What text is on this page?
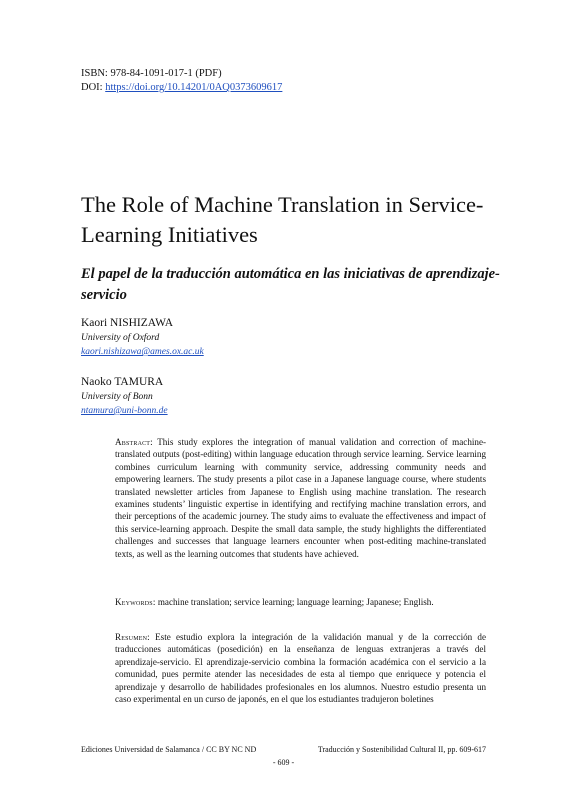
ISBN: 978-84-1091-017-1 (PDF)
DOI: https://doi.org/10.14201/0AQ0373609617
The Role of Machine Translation in Service-Learning Initiatives
El papel de la traducción automática en las iniciativas de aprendizaje-servicio
Kaori NISHIZAWA
University of Oxford
kaori.nishizawa@ames.ox.ac.uk
Naoko TAMURA
University of Bonn
ntamura@uni-bonn.de

Abstract: This study explores the integration of manual validation and correction of machine-translated outputs (post-editing) within language education through service learning. Service learning combines curriculum learning with community service, addressing community needs and empowering learners. The study presents a pilot case in a Japanese language course, where students translated newsletter articles from Japanese to English using machine translation. The research examines students’ linguistic expertise in identifying and rectifying machine translation errors, and their perceptions of the academic journey. The study aims to evaluate the effectiveness and impact of this service-learning approach. Despite the small data sample, the study highlights the differentiated challenges and successes that language learners encounter when post-editing machine-translated texts, as well as the learning outcomes that students have achieved.

Keywords: machine translation; service learning; language learning; Japanese; English.

Resumen: Este estudio explora la integración de la validación manual y de la corrección de traducciones automáticas (posedición) en la enseñanza de lenguas extranjeras a través del aprendizaje-servicio. El aprendizaje-servicio combina la formación académica con el servicio a la comunidad, pues permite atender las necesidades de esta al tiempo que enriquece y potencia el aprendizaje y desarrollo de habilidades profesionales en los alumnos. Nuestro estudio presenta un caso experimental en un curso de japonés, en el que los estudiantes tradujeron boletines

Ediciones Universidad de Salamanca / CC BY NC ND	Traducción y Sostenibilidad Cultural II, pp. 609-617
- 609 -
